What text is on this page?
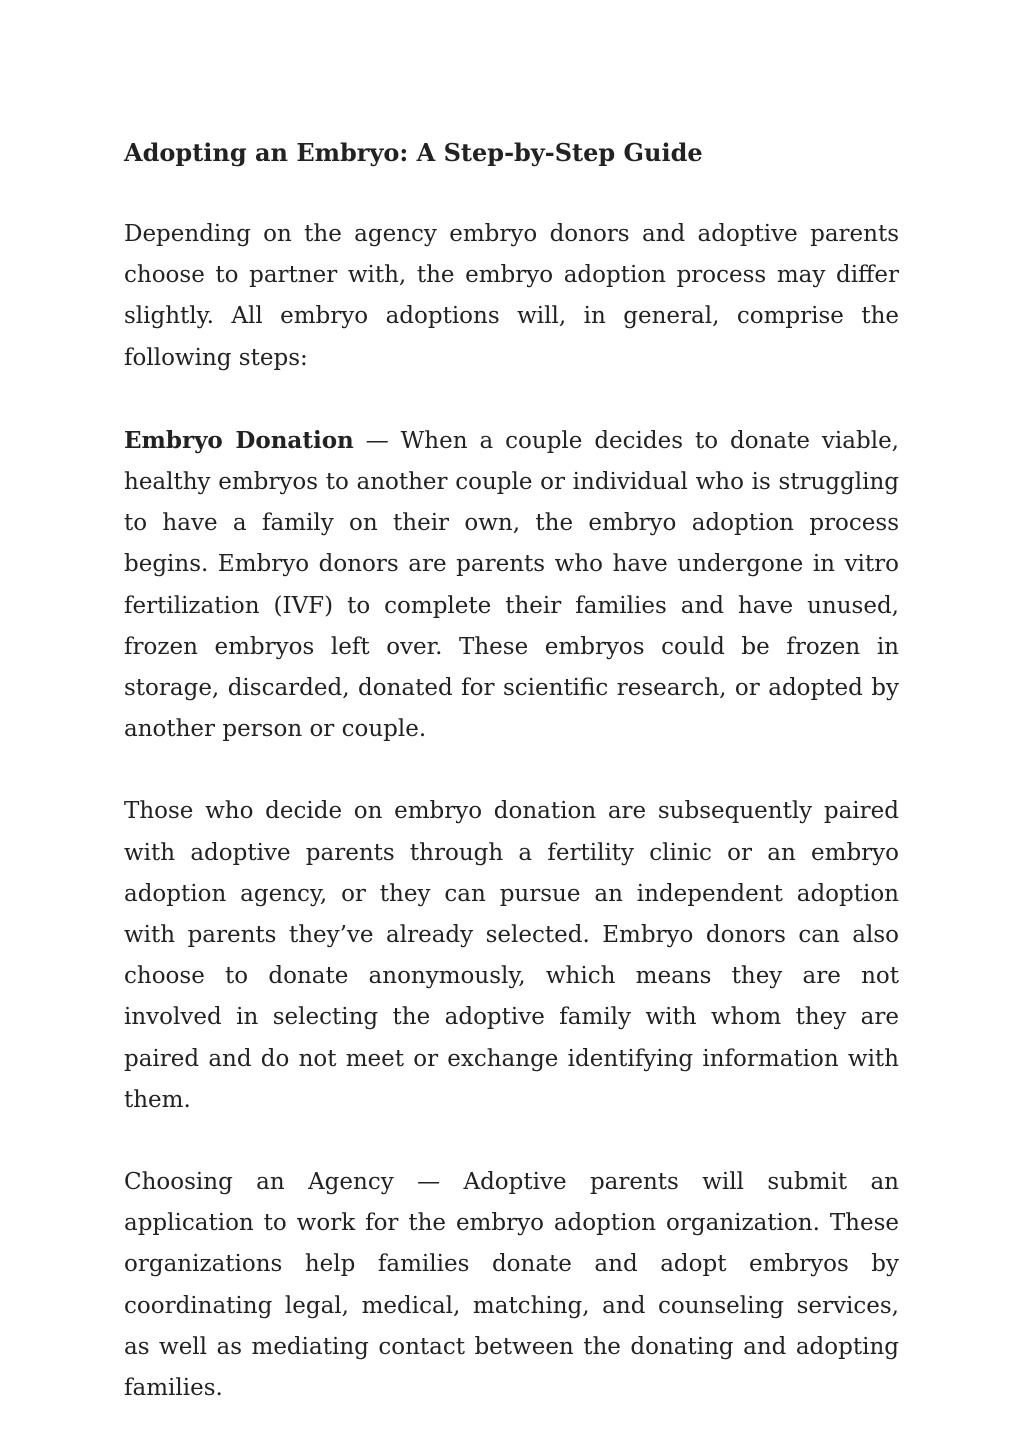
Adopting an Embryo: A Step-by-Step Guide

Depending on the agency embryo donors and adoptive parents choose to partner with, the embryo adoption process may differ slightly. All embryo adoptions will, in general, comprise the following steps:

Embryo Donation — When a couple decides to donate viable, healthy embryos to another couple or individual who is struggling to have a family on their own, the embryo adoption process begins. Embryo donors are parents who have undergone in vitro fertilization (IVF) to complete their families and have unused, frozen embryos left over. These embryos could be frozen in storage, discarded, donated for scientific research, or adopted by another person or couple.

Those who decide on embryo donation are subsequently paired with adoptive parents through a fertility clinic or an embryo adoption agency, or they can pursue an independent adoption with parents they’ve already selected. Embryo donors can also choose to donate anonymously, which means they are not involved in selecting the adoptive family with whom they are paired and do not meet or exchange identifying information with them.

Choosing an Agency — Adoptive parents will submit an application to work for the embryo adoption organization. These organizations help families donate and adopt embryos by coordinating legal, medical, matching, and counseling services, as well as mediating contact between the donating and adopting families.
